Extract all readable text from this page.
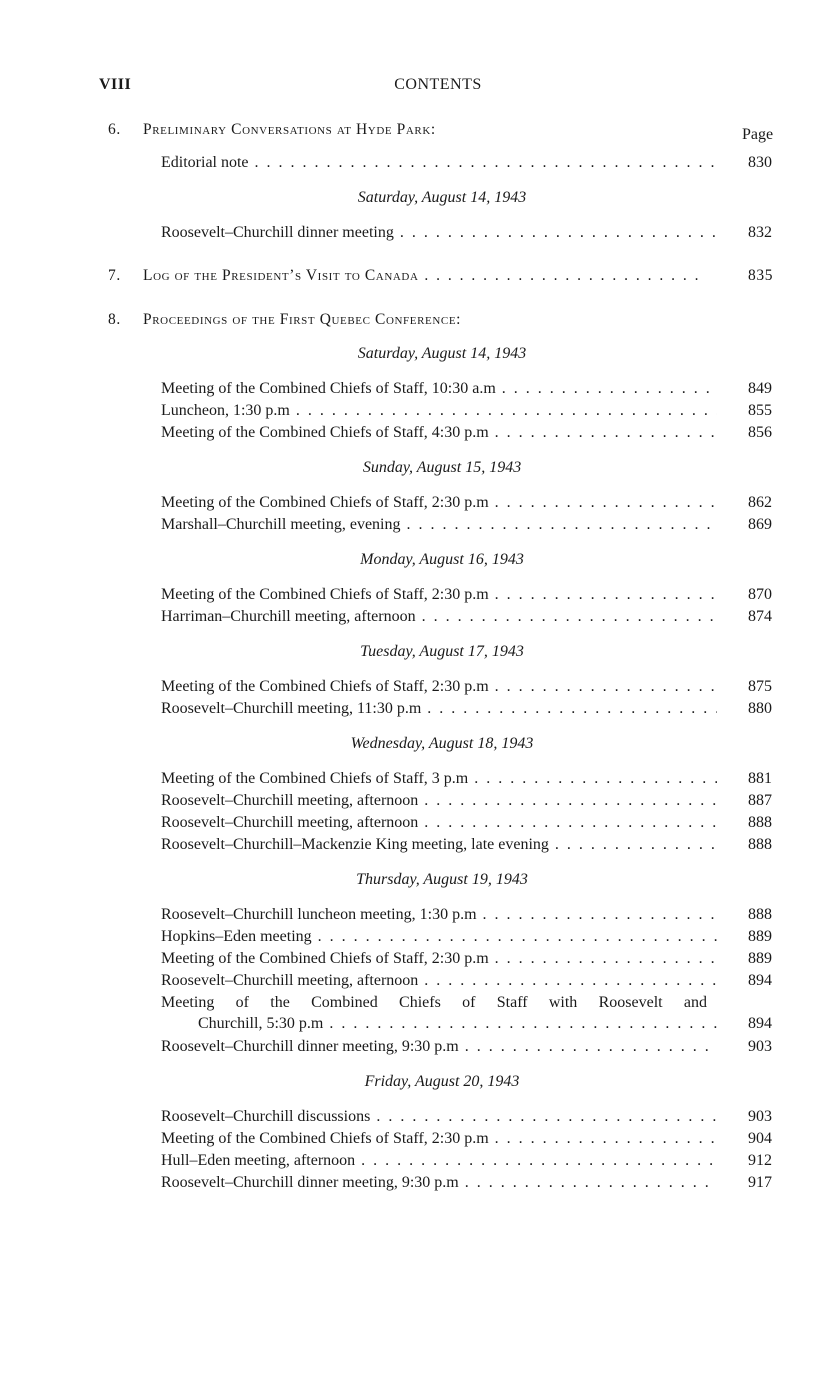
VIII	CONTENTS
Page
6. Preliminary Conversations at Hyde Park:
Editorial note . . .	830
Saturday, August 14, 1943
Roosevelt–Churchill dinner meeting . . .	832
7. Log of the President’s Visit to Canada . . .	835
8. Proceedings of the First Quebec Conference:
Saturday, August 14, 1943
Meeting of the Combined Chiefs of Staff, 10:30 a.m . . .	849
Luncheon, 1:30 p.m . . .	855
Meeting of the Combined Chiefs of Staff, 4:30 p.m . . .	856
Sunday, August 15, 1943
Meeting of the Combined Chiefs of Staff, 2:30 p.m . . .	862
Marshall–Churchill meeting, evening . . .	869
Monday, August 16, 1943
Meeting of the Combined Chiefs of Staff, 2:30 p.m . . .	870
Harriman–Churchill meeting, afternoon . . .	874
Tuesday, August 17, 1943
Meeting of the Combined Chiefs of Staff, 2:30 p.m . . .	875
Roosevelt–Churchill meeting, 11:30 p.m . . .	880
Wednesday, August 18, 1943
Meeting of the Combined Chiefs of Staff, 3 p.m . . .	881
Roosevelt–Churchill meeting, afternoon . . .	887
Roosevelt–Churchill meeting, afternoon . . .	888
Roosevelt–Churchill–Mackenzie King meeting, late evening . . .	888
Thursday, August 19, 1943
Roosevelt–Churchill luncheon meeting, 1:30 p.m . . .	888
Hopkins–Eden meeting . . .	889
Meeting of the Combined Chiefs of Staff, 2:30 p.m . . .	889
Roosevelt–Churchill meeting, afternoon . . .	894
Meeting of the Combined Chiefs of Staff with Roosevelt and
Churchill, 5:30 p.m . . .	894
Roosevelt–Churchill dinner meeting, 9:30 p.m . . .	903
Friday, August 20, 1943
Roosevelt–Churchill discussions . . .	903
Meeting of the Combined Chiefs of Staff, 2:30 p.m . . .	904
Hull–Eden meeting, afternoon . . .	912
Roosevelt–Churchill dinner meeting, 9:30 p.m . . .	917
